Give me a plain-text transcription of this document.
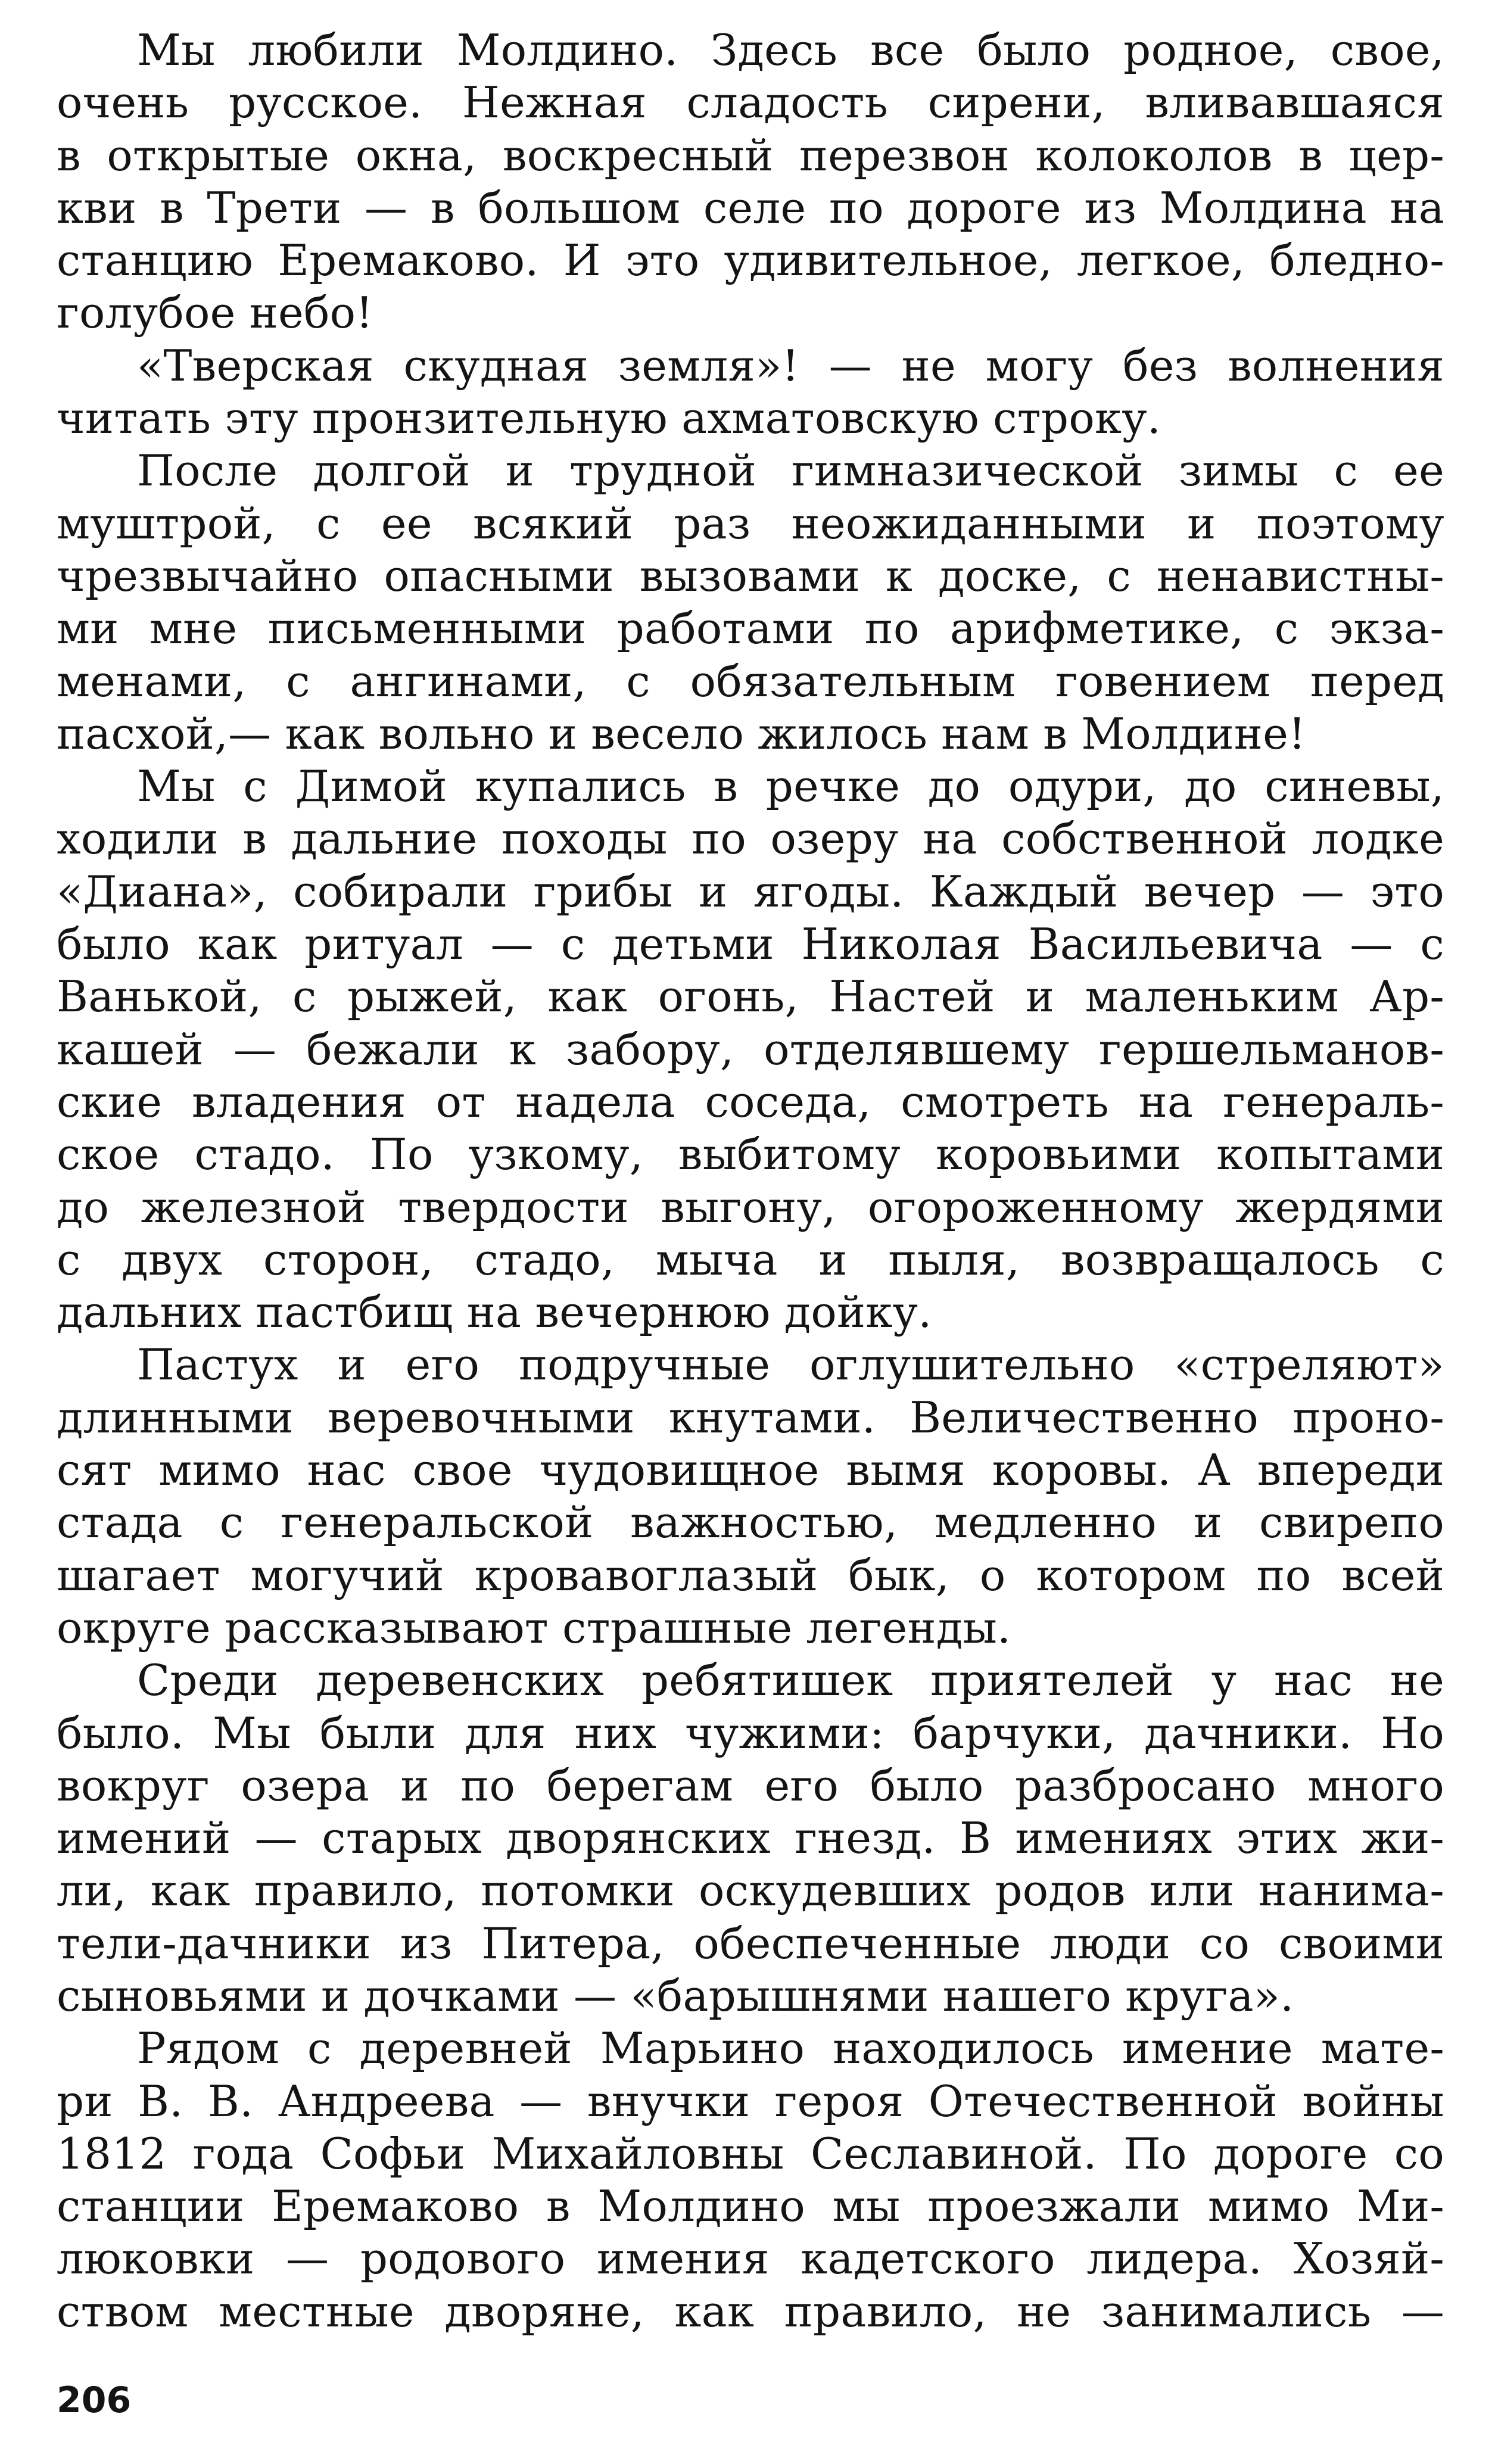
Мы любили Молдино. Здесь все было родное, свое,
очень русское. Нежная сладость сирени, вливавшаяся
в открытые окна, воскресный перезвон колоколов в цер-
кви в Трети — в большом селе по дороге из Молдина на
станцию Еремаково. И это удивительное, легкое, бледно-
голубое небо!

«Тверская скудная земля»! — не могу без волнения
читать эту пронзительную ахматовскую строку.

После долгой и трудной гимназической зимы с ее
муштрой, с ее всякий раз неожиданными и поэтому
чрезвычайно опасными вызовами к доске, с ненавистны-
ми мне письменными работами по арифметике, с экза-
менами, с ангинами, с обязательным говением перед
пасхой,— как вольно и весело жилось нам в Молдине!

Мы с Димой купались в речке до одури, до синевы,
ходили в дальние походы по озеру на собственной лодке
«Диана», собирали грибы и ягоды. Каждый вечер — это
было как ритуал — с детьми Николая Васильевича — с
Ванькой, с рыжей, как огонь, Настей и маленьким Ар-
кашей — бежали к забору, отделявшему гершельманов-
ские владения от надела соседа, смотреть на генераль-
ское стадо. По узкому, выбитому коровьими копытами
до железной твердости выгону, огороженному жердями
с двух сторон, стадо, мыча и пыля, возвращалось с
дальних пастбищ на вечернюю дойку.

Пастух и его подручные оглушительно «стреляют»
длинными веревочными кнутами. Величественно проно-
сят мимо нас свое чудовищное вымя коровы. А впереди
стада с генеральской важностью, медленно и свирепо
шагает могучий кровавоглазый бык, о котором по всей
округе рассказывают страшные легенды.

Среди деревенских ребятишек приятелей у нас не
было. Мы были для них чужими: барчуки, дачники. Но
вокруг озера и по берегам его было разбросано много
имений — старых дворянских гнезд. В имениях этих жи-
ли, как правило, потомки оскудевших родов или нанима-
тели-дачники из Питера, обеспеченные люди со своими
сыновьями и дочками — «барышнями нашего круга».

Рядом с деревней Марьино находилось имение мате-
ри В. В. Андреева — внучки героя Отечественной войны
1812 года Софьи Михайловны Сеславиной. По дороге со
станции Еремаково в Молдино мы проезжали мимо Ми-
люковки — родового имения кадетского лидера. Хозяй-
ством местные дворяне, как правило, не занимались —

206
